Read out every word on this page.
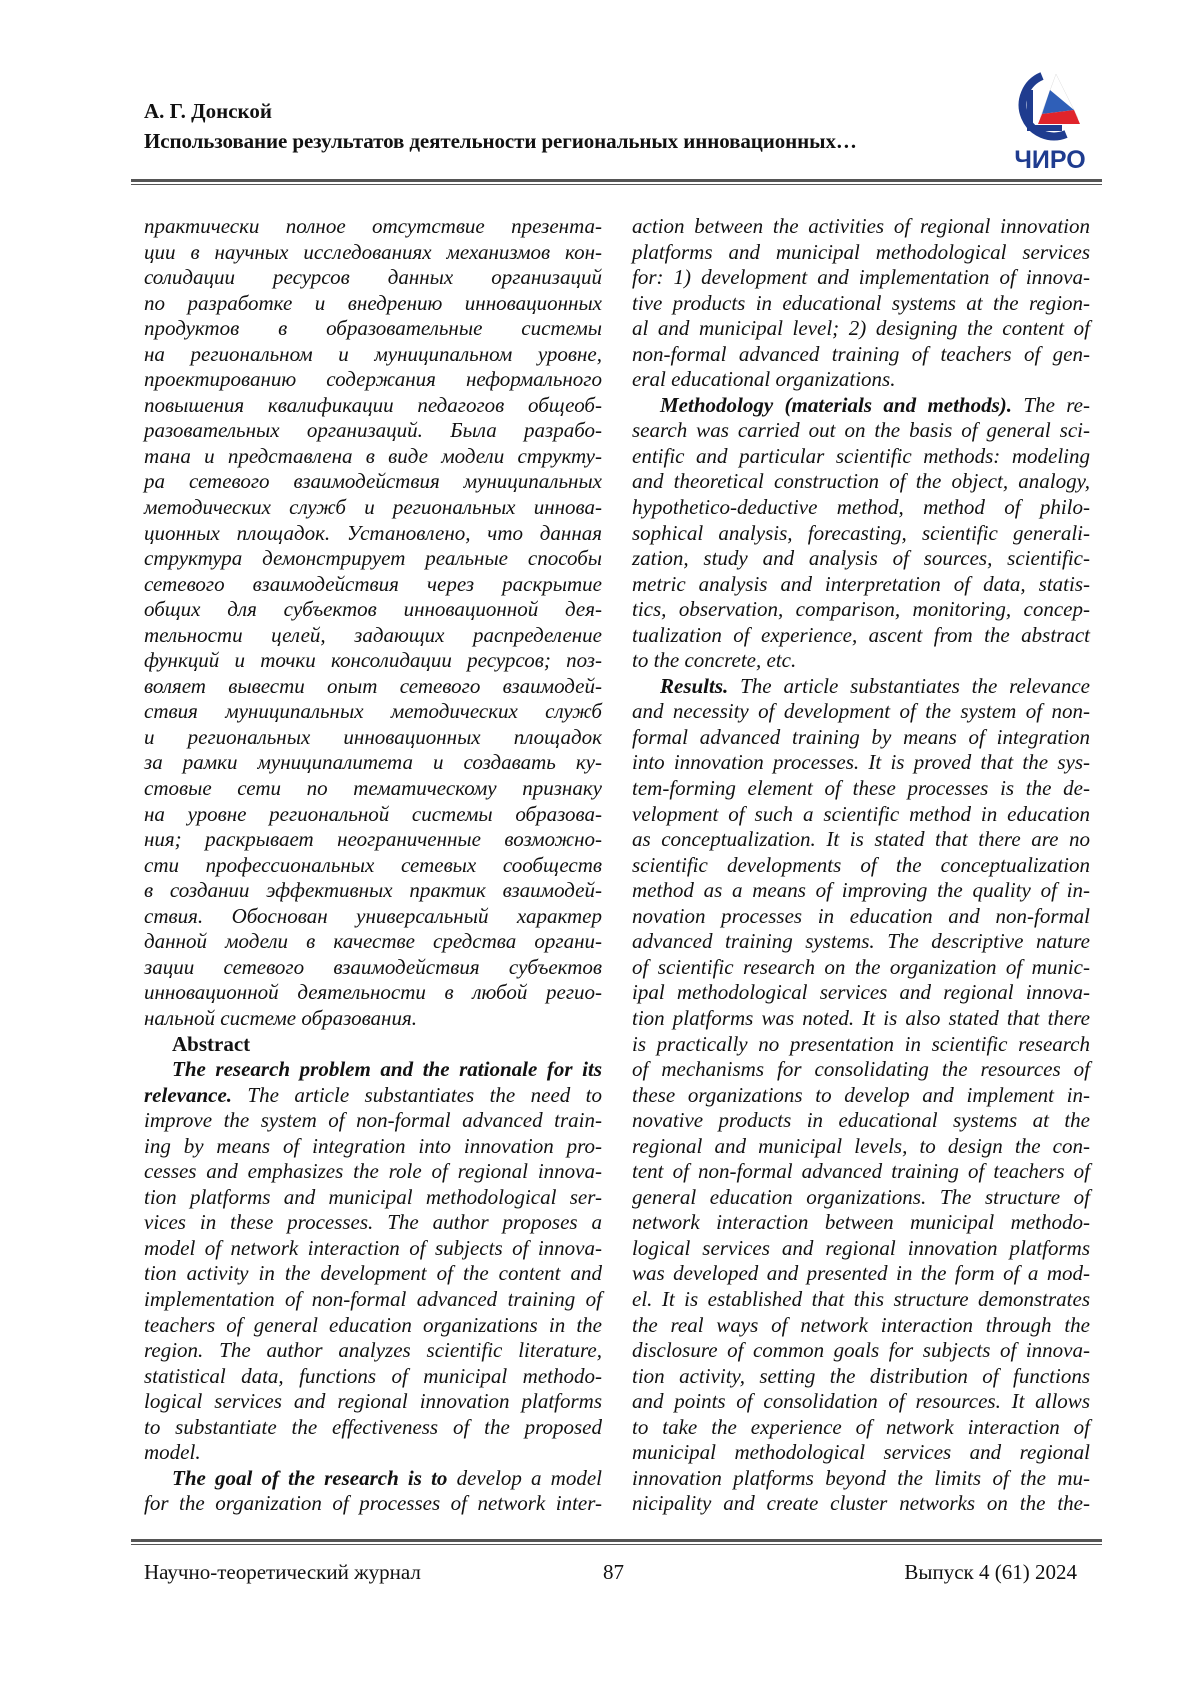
А. Г. Донской
Использование результатов деятельности региональных инновационных…
ЧИРО
практически полное отсутствие презента-
ции в научных исследованиях механизмов кон-
солидации ресурсов данных организаций
по разработке и внедрению инновационных
продуктов в образовательные системы
на региональном и муниципальном уровне,
проектированию содержания неформального
повышения квалификации педагогов общеоб-
разовательных организаций. Была разрабо-
тана и представлена в виде модели структу-
ра сетевого взаимодействия муниципальных
методических служб и региональных иннова-
ционных площадок. Установлено, что данная
структура демонстрирует реальные способы
сетевого взаимодействия через раскрытие
общих для субъектов инновационной дея-
тельности целей, задающих распределение
функций и точки консолидации ресурсов; поз-
воляет вывести опыт сетевого взаимодей-
ствия муниципальных методических служб
и региональных инновационных площадок
за рамки муниципалитета и создавать ку-
стовые сети по тематическому признаку
на уровне региональной системы образова-
ния; раскрывает неограниченные возможно-
сти профессиональных сетевых сообществ
в создании эффективных практик взаимодей-
ствия. Обоснован универсальный характер
данной модели в качестве средства органи-
зации сетевого взаимодействия субъектов
инновационной деятельности в любой регио-
нальной системе образования.
Abstract
The research problem and the rationale for its
relevance. The article substantiates the need to
improve the system of non-formal advanced train-
ing by means of integration into innovation pro-
cesses and emphasizes the role of regional innova-
tion platforms and municipal methodological ser-
vices in these processes. The author proposes a
model of network interaction of subjects of innova-
tion activity in the development of the content and
implementation of non-formal advanced training of
teachers of general education organizations in the
region. The author analyzes scientific literature,
statistical data, functions of municipal methodo-
logical services and regional innovation platforms
to substantiate the effectiveness of the proposed
model.
The goal of the research is to develop a model
for the organization of processes of network inter-
action between the activities of regional innovation
platforms and municipal methodological services
for: 1) development and implementation of innova-
tive products in educational systems at the region-
al and municipal level; 2) designing the content of
non-formal advanced training of teachers of gen-
eral educational organizations.
Methodology (materials and methods). The re-
search was carried out on the basis of general sci-
entific and particular scientific methods: modeling
and theoretical construction of the object, analogy,
hypothetico-deductive method, method of philo-
sophical analysis, forecasting, scientific generali-
zation, study and analysis of sources, scientific-
metric analysis and interpretation of data, statis-
tics, observation, comparison, monitoring, concep-
tualization of experience, ascent from the abstract
to the concrete, etc.
Results. The article substantiates the relevance
and necessity of development of the system of non-
formal advanced training by means of integration
into innovation processes. It is proved that the sys-
tem-forming element of these processes is the de-
velopment of such a scientific method in education
as conceptualization. It is stated that there are no
scientific developments of the conceptualization
method as a means of improving the quality of in-
novation processes in education and non-formal
advanced training systems. The descriptive nature
of scientific research on the organization of munic-
ipal methodological services and regional innova-
tion platforms was noted. It is also stated that there
is practically no presentation in scientific research
of mechanisms for consolidating the resources of
these organizations to develop and implement in-
novative products in educational systems at the
regional and municipal levels, to design the con-
tent of non-formal advanced training of teachers of
general education organizations. The structure of
network interaction between municipal methodo-
logical services and regional innovation platforms
was developed and presented in the form of a mod-
el. It is established that this structure demonstrates
the real ways of network interaction through the
disclosure of common goals for subjects of innova-
tion activity, setting the distribution of functions
and points of consolidation of resources. It allows
to take the experience of network interaction of
municipal methodological services and regional
innovation platforms beyond the limits of the mu-
nicipality and create cluster networks on the the-
Научно-теоретический журнал	87	Выпуск 4 (61) 2024
